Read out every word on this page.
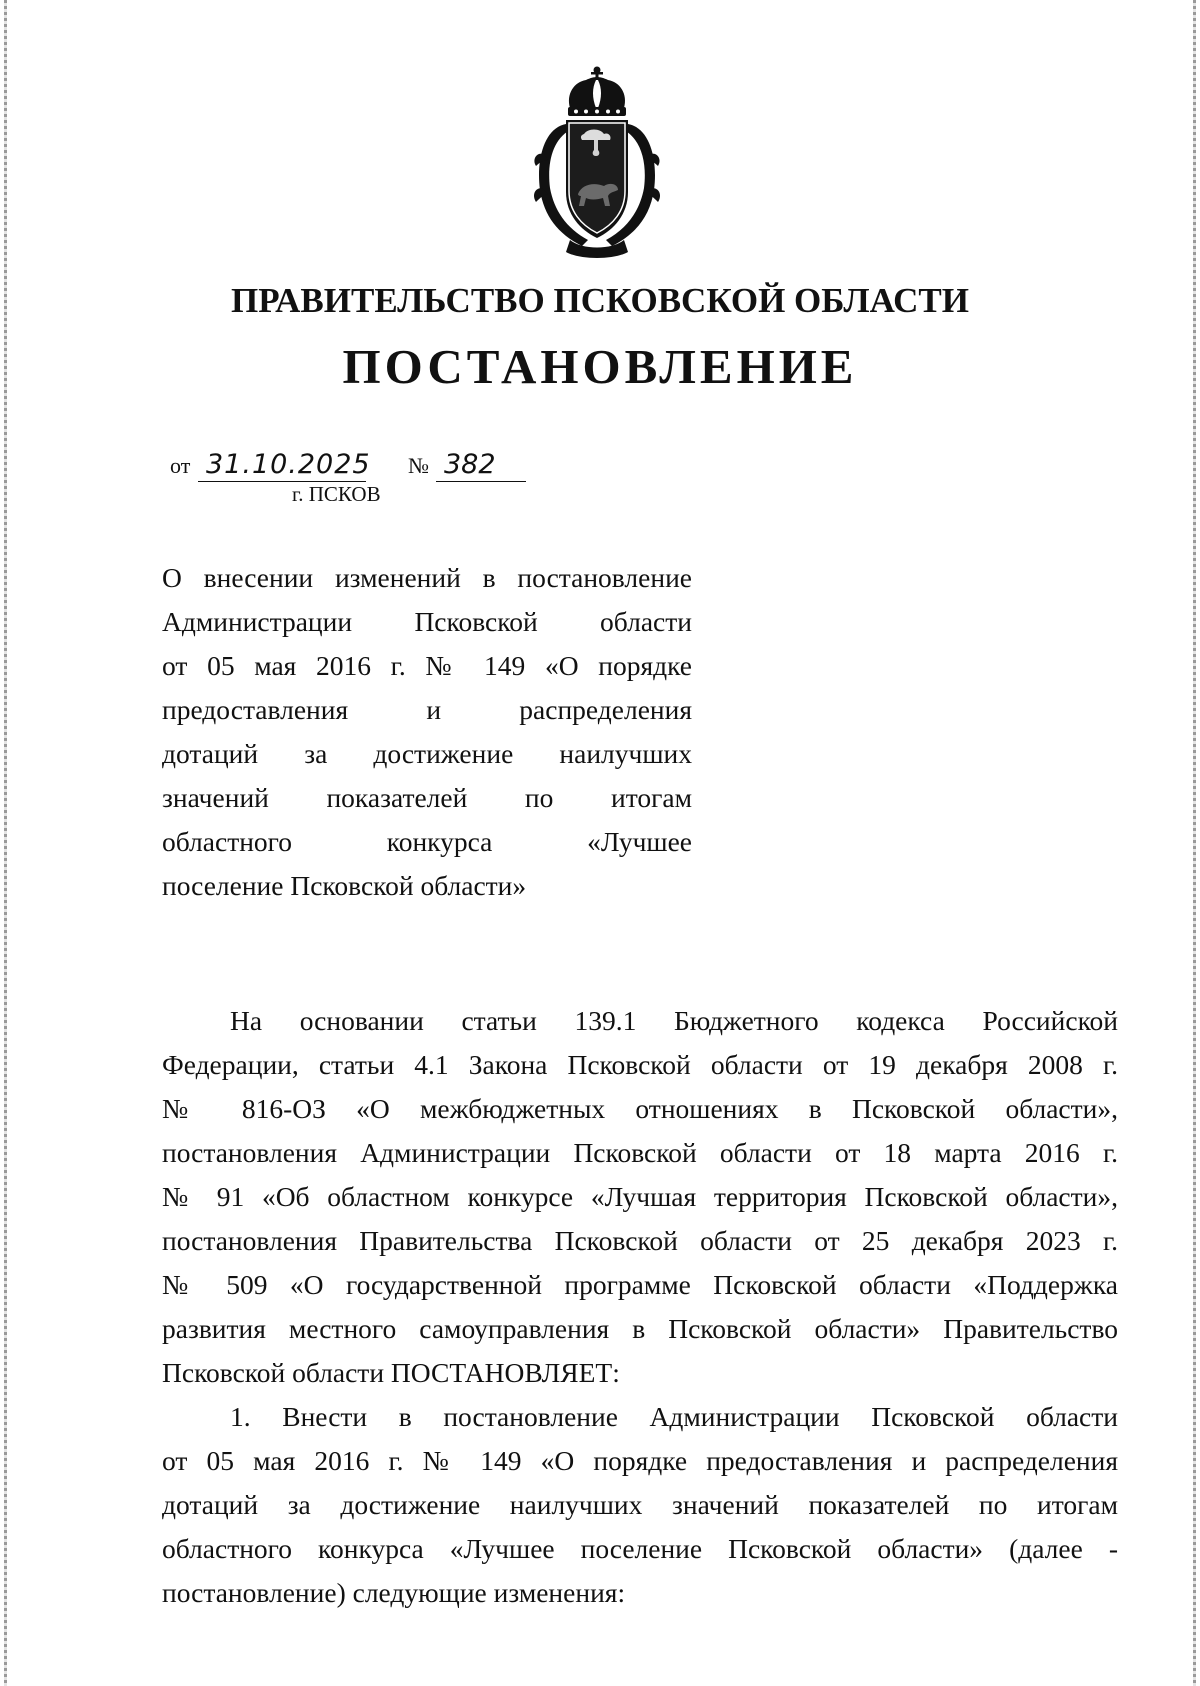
ПРАВИТЕЛЬСТВО ПСКОВСКОЙ ОБЛАСТИ
ПОСТАНОВЛЕНИЕ
от 31.10.2025 № 382
г. ПСКОВ
О внесении изменений в постановление
Администрации Псковской области
от 05 мая 2016 г. № 149 «О порядке
предоставления и распределения
дотаций за достижение наилучших
значений показателей по итогам
областного конкурса «Лучшее
поселение Псковской области»
На основании статьи 139.1 Бюджетного кодекса Российской
Федерации, статьи 4.1 Закона Псковской области от 19 декабря 2008 г.
№ 816-ОЗ «О межбюджетных отношениях в Псковской области»,
постановления Администрации Псковской области от 18 марта 2016 г.
№ 91 «Об областном конкурсе «Лучшая территория Псковской области»,
постановления Правительства Псковской области от 25 декабря 2023 г.
№ 509 «О государственной программе Псковской области «Поддержка
развития местного самоуправления в Псковской области» Правительство
Псковской области ПОСТАНОВЛЯЕТ:
1. Внести в постановление Администрации Псковской области
от 05 мая 2016 г. № 149 «О порядке предоставления и распределения
дотаций за достижение наилучших значений показателей по итогам
областного конкурса «Лучшее поселение Псковской области» (далее -
постановление) следующие изменения:
